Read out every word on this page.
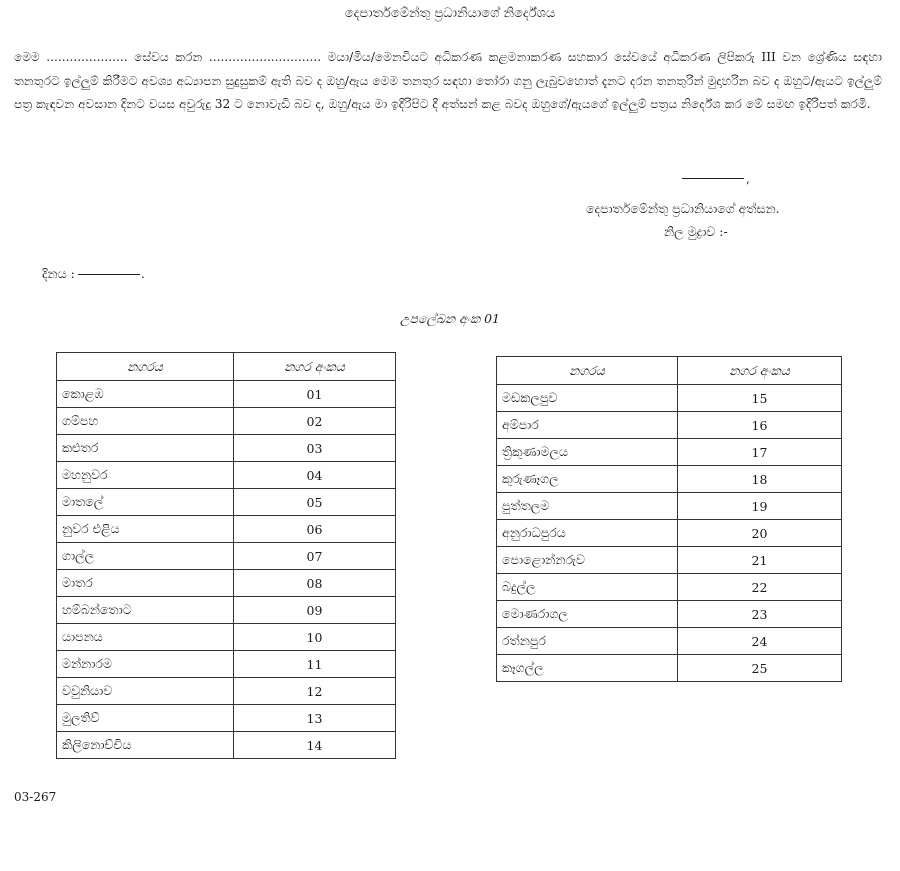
දෙපාර්තමේන්තු ප්‍රධානියාගේ නිර්දේශය
මෙම ..................... සේවය කරන ............................. මයා/මිය/මෙනවියට අධිකරණ කළමනාකරණ සහකාර සේවයේ අධිකරණ ලිපිකරු III වන ශ්‍රේණිය සඳහා තනතුරට ඉල්ලුම් කිරීමට අවශ්‍ය අධ්‍යාපන සුදුසුකම් ඇති බව ද ඔහු/ඇය මෙම තනතුර සඳහා තෝරා ගනු ලැබුවහොත් දැනට දරන තනතුරින් මුදාහරින බව ද ඔහුට/ඇයට ඉල්ලුම් පත්‍ර කැඳවන අවසාන දිනට වයස අවුරුදු 32 ට නොවැඩි බව ද, ඔහු/ඇය මා ඉදිරිපිට දී අත්සන් කළ බවද ඔහුගේ/ඇයගේ ඉල්ලුම් පත්‍රය නිර්දේශ කර මේ සමඟ ඉදිරිපත් කරමි.
,
දෙපාර්තමේන්තු ප්‍රධානියාගේ අත්සන.
නිල මුද්‍රාව :-
දිනය :	.
උපලේඛන අංක 01
නගරය	නගර අංකය
කොළඹ	01
ගම්පහ	02
කළුතර	03
මහනුවර	04
මාතලේ	05
නුවර එළිය	06
ගාල්ල	07
මාතර	08
හම්බන්තොට	09
යාපනය	10
මන්නාරම	11
වවුනියාව	12
මුලතිව්	13
කිලිනොච්චිය	14
නගරය	නගර අංකය
මඩකලපුව	15
අම්පාර	16
ත්‍රිකුණාමලය	17
කුරුණෑගල	18
පුත්තලම	19
අනුරාධපුරය	20
පොළොන්නරුව	21
බදුල්ල	22
මොණරාගල	23
රත්නපුර	24
කෑගල්ල	25
03-267
